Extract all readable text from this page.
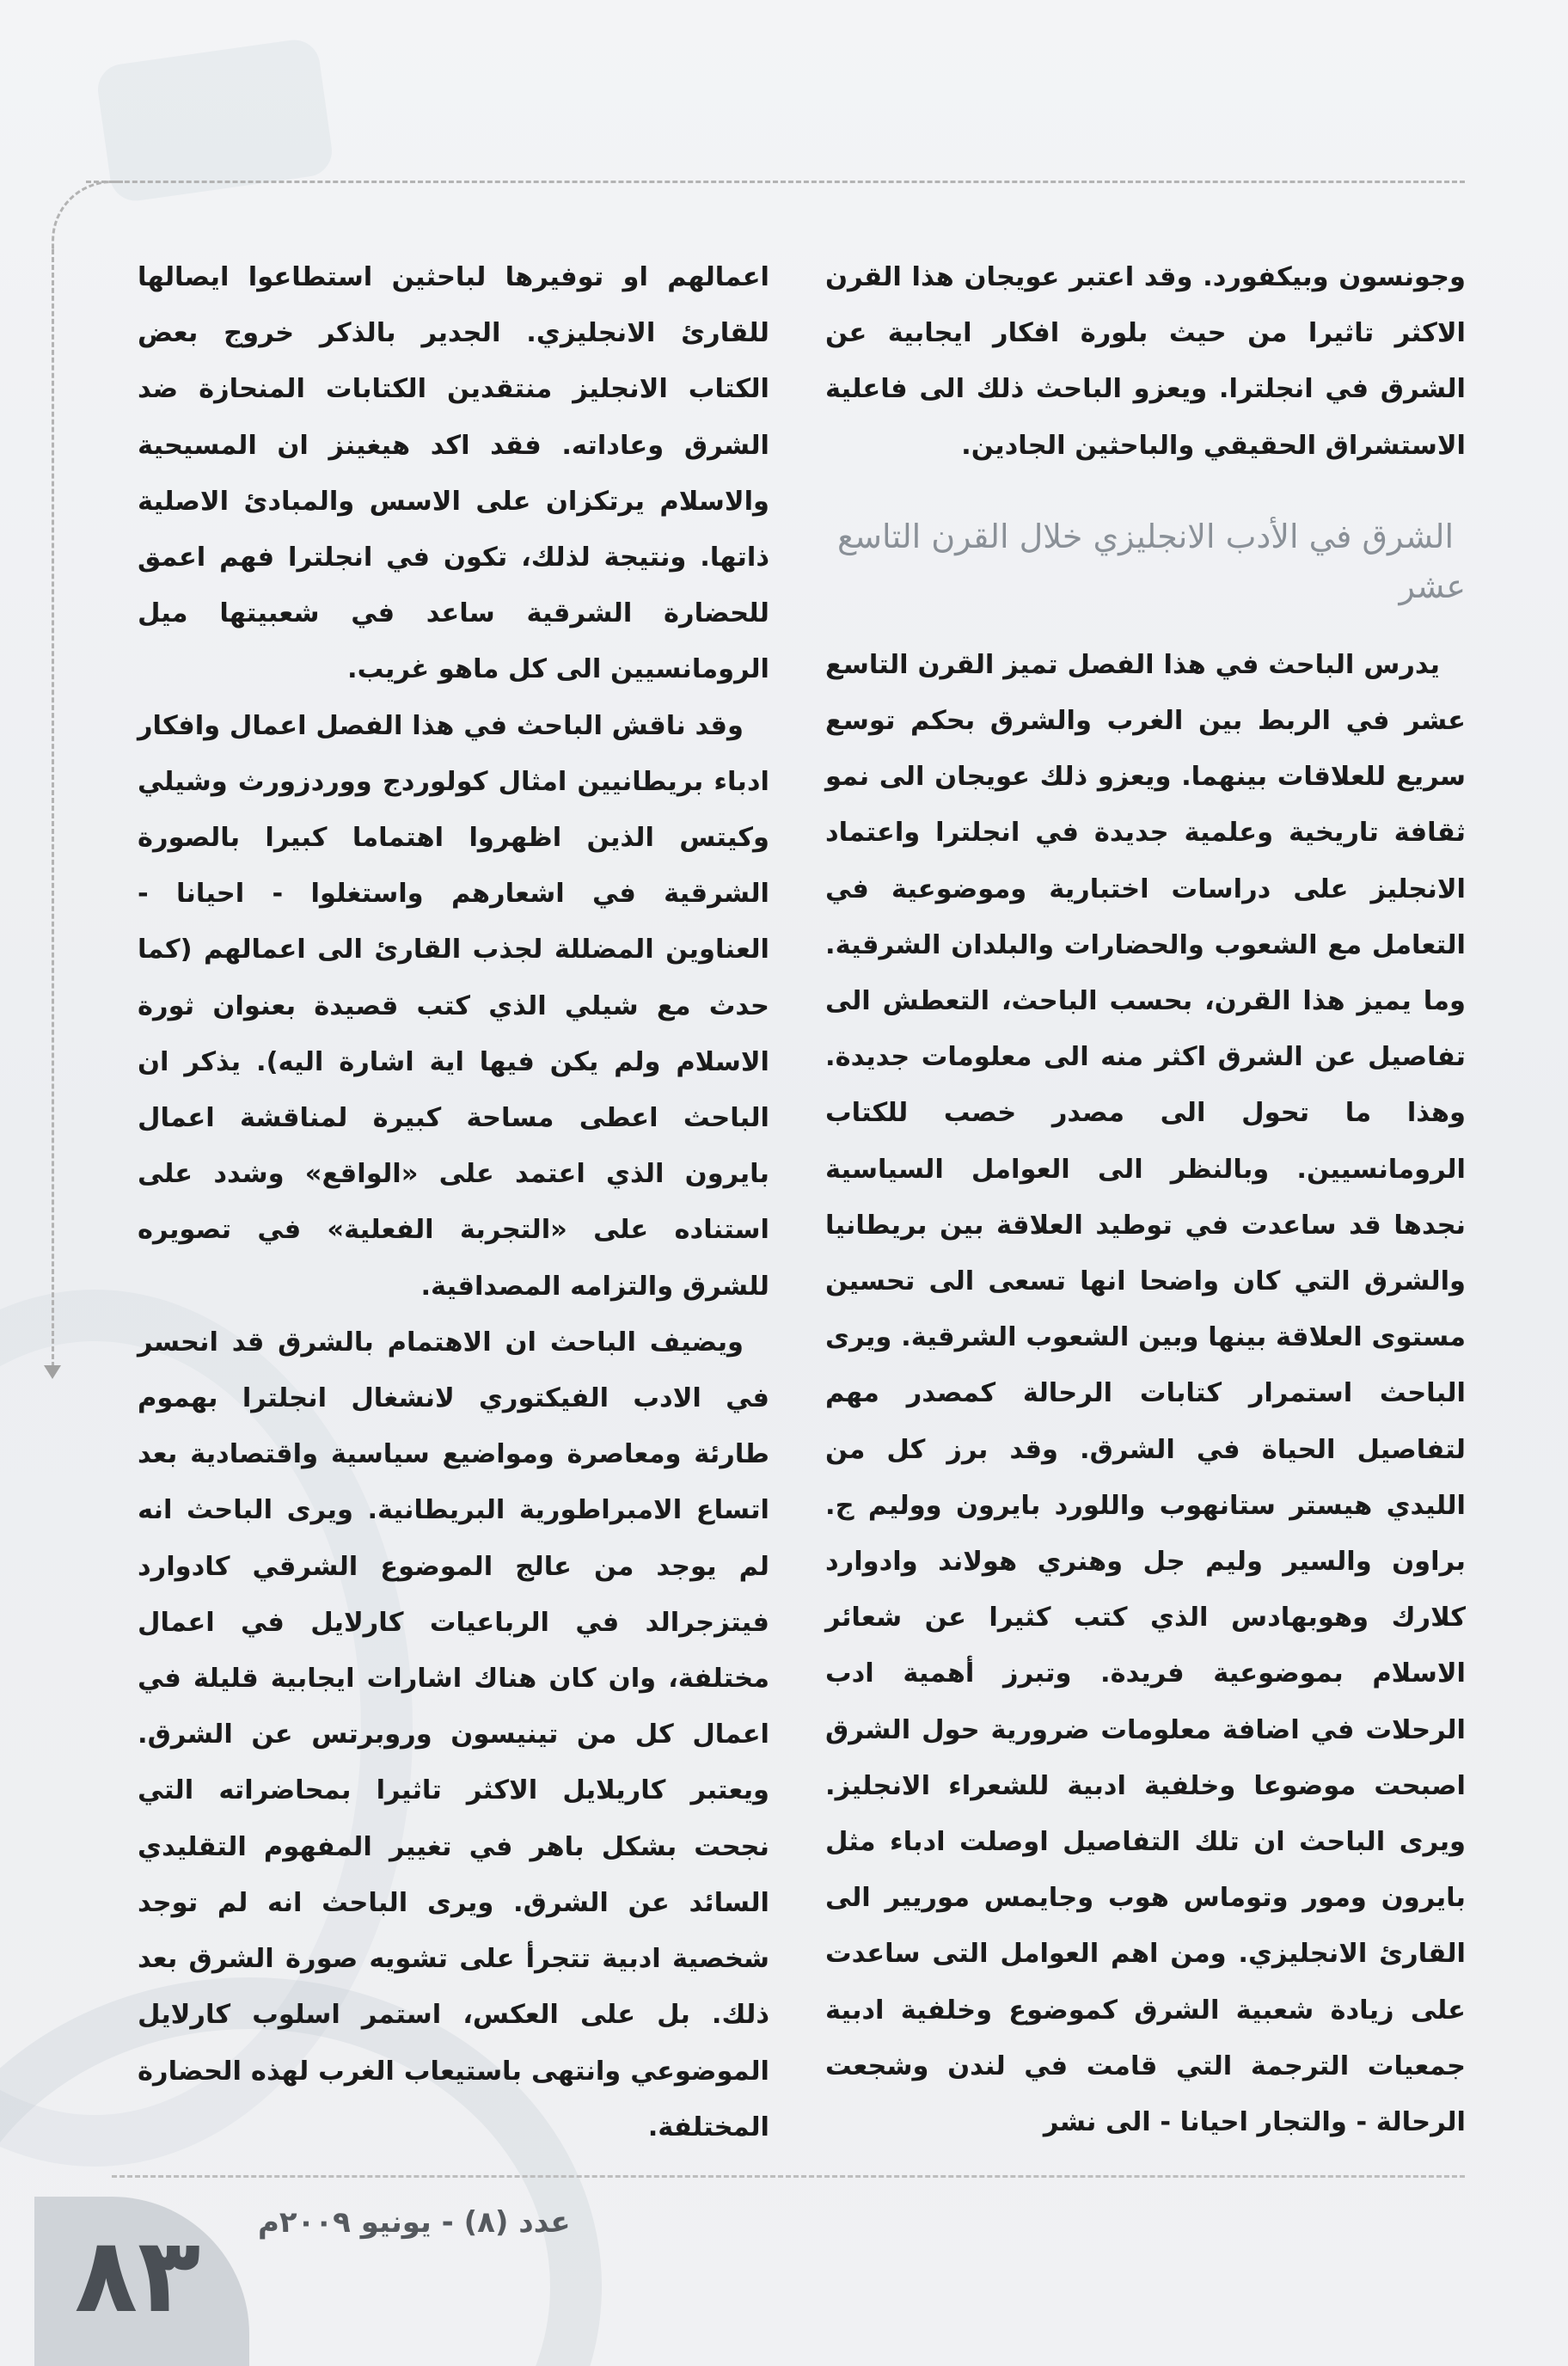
وجونسون وبيكفورد. وقد اعتبر عويجان هذا القرن الاكثر تاثيرا من حيث بلورة افكار ايجابية عن الشرق في انجلترا. ويعزو الباحث ذلك الى فاعلية الاستشراق الحقيقي والباحثين الجادين.

الشرق في الأدب الانجليزي خلال القرن التاسع عشر

يدرس الباحث في هذا الفصل تميز القرن التاسع عشر في الربط بين الغرب والشرق بحكم توسع سريع للعلاقات بينهما. ويعزو ذلك عويجان الى نمو ثقافة تاريخية وعلمية جديدة في انجلترا واعتماد الانجليز على دراسات اختبارية وموضوعية في التعامل مع الشعوب والحضارات والبلدان الشرقية. وما يميز هذا القرن، بحسب الباحث، التعطش الى تفاصيل عن الشرق اكثر منه الى معلومات جديدة. وهذا ما تحول الى مصدر خصب للكتاب الرومانسيين. وبالنظر الى العوامل السياسية نجدها قد ساعدت في توطيد العلاقة بين بريطانيا والشرق التي كان واضحا انها تسعى الى تحسين مستوى العلاقة بينها وبين الشعوب الشرقية. ويرى الباحث استمرار كتابات الرحالة كمصدر مهم لتفاصيل الحياة في الشرق. وقد برز كل من الليدي هيستر ستانهوب واللورد بايرون ووليم ج. براون والسير وليم جل وهنري هولاند وادوارد كلارك وهوبهادس الذي كتب كثيرا عن شعائر الاسلام بموضوعية فريدة. وتبرز أهمية ادب الرحلات في اضافة معلومات ضرورية حول الشرق اصبحت موضوعا وخلفية ادبية للشعراء الانجليز. ويرى الباحث ان تلك التفاصيل اوصلت ادباء مثل بايرون ومور وتوماس هوب وجايمس موريير الى القارئ الانجليزي. ومن اهم العوامل التى ساعدت على زيادة شعبية الشرق كموضوع وخلفية ادبية جمعيات الترجمة التي قامت في لندن وشجعت الرحالة - والتجار احيانا - الى نشر

اعمالهم او توفيرها لباحثين استطاعوا ايصالها للقارئ الانجليزي. الجدير بالذكر خروج بعض الكتاب الانجليز منتقدين الكتابات المنحازة ضد الشرق وعاداته. فقد اكد هيغينز ان المسيحية والاسلام يرتكزان على الاسس والمبادئ الاصلية ذاتها. ونتيجة لذلك، تكون في انجلترا فهم اعمق للحضارة الشرقية ساعد في شعبيتها ميل الرومانسيين الى كل ماهو غريب.

وقد ناقش الباحث في هذا الفصل اعمال وافكار ادباء بريطانيين امثال كولوردج ووردزورث وشيلي وكيتس الذين اظهروا اهتماما كبيرا بالصورة الشرقية في اشعارهم واستغلوا - احيانا - العناوين المضللة لجذب القارئ الى اعمالهم (كما حدث مع شيلي الذي كتب قصيدة بعنوان ثورة الاسلام ولم يكن فيها اية اشارة اليه). يذكر ان الباحث اعطى مساحة كبيرة لمناقشة اعمال بايرون الذي اعتمد على «الواقع» وشدد على استناده على «التجربة الفعلية» في تصويره للشرق والتزامه المصداقية.

ويضيف الباحث ان الاهتمام بالشرق قد انحسر في الادب الفيكتوري لانشغال انجلترا بهموم طارئة ومعاصرة ومواضيع سياسية واقتصادية بعد اتساع الامبراطورية البريطانية. ويرى الباحث انه لم يوجد من عالج الموضوع الشرقي كادوارد فيتزجرالد في الرباعيات كارلايل في اعمال مختلفة، وان كان هناك اشارات ايجابية قليلة في اعمال كل من تينيسون وروبرتس عن الشرق. ويعتبر كاريلايل الاكثر تاثيرا بمحاضراته التي نجحت بشكل باهر في تغيير المفهوم التقليدي السائد عن الشرق. ويرى الباحث انه لم توجد شخصية ادبية تتجرأ على تشويه صورة الشرق بعد ذلك. بل على العكس، استمر اسلوب كارلايل الموضوعي وانتهى باستيعاب الغرب لهذه الحضارة المختلفة.

٨٣	عدد (٨) - يونيو ٢٠٠٩م
